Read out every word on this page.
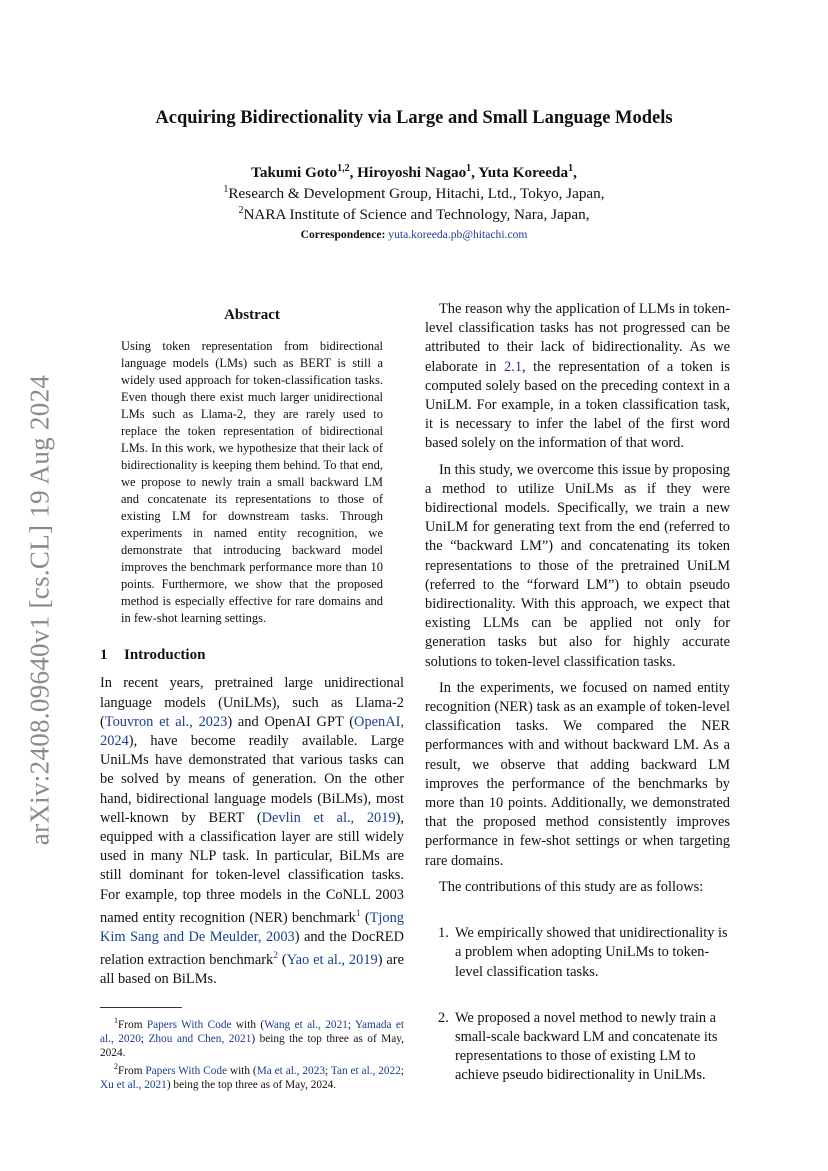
arXiv:2408.09640v1 [cs.CL] 19 Aug 2024
Acquiring Bidirectionality via Large and Small Language Models
Takumi Goto$^{1,2}$, Hiroyoshi Nagao$^1$, Yuta Koreeda$^1$,
$^1$Research & Development Group, Hitachi, Ltd., Tokyo, Japan,
$^2$NARA Institute of Science and Technology, Nara, Japan,
Correspondence: yuta.koreeda.pb@hitachi.com
Abstract

Using token representation from bidirectional language models (LMs) such as BERT is still a widely used approach for token-classification tasks. Even though there exist much larger unidirectional LMs such as Llama-2, they are rarely used to replace the token representation of bidirectional LMs. In this work, we hypothesize that their lack of bidirectionality is keeping them behind. To that end, we propose to newly train a small backward LM and concatenate its representations to those of existing LM for downstream tasks. Through experiments in named entity recognition, we demonstrate that introducing backward model improves the benchmark performance more than 10 points. Furthermore, we show that the proposed method is especially effective for rare domains and in few-shot learning settings.

1 Introduction

In recent years, pretrained large unidirectional language models (UniLMs), such as Llama-2 (Touvron et al., 2023) and OpenAI GPT (OpenAI, 2024), have become readily available. Large UniLMs have demonstrated that various tasks can be solved by means of generation. On the other hand, bidirectional language models (BiLMs), most well-known by BERT (Devlin et al., 2019), equipped with a classification layer are still widely used in many NLP task. In particular, BiLMs are still dominant for token-level classification tasks. For example, top three models in the CoNLL 2003 named entity recognition (NER) benchmark$^1$ (Tjong Kim Sang and De Meulder, 2003) and the DocRED relation extraction benchmark$^2$ (Yao et al., 2019) are all based on BiLMs.

$^1$From Papers With Code with (Wang et al., 2021; Yamada et al., 2020; Zhou and Chen, 2021) being the top three as of May, 2024.

$^2$From Papers With Code with (Ma et al., 2023; Tan et al., 2022; Xu et al., 2021) being the top three as of May, 2024.

The reason why the application of LLMs in token-level classification tasks has not progressed can be attributed to their lack of bidirectionality. As we elaborate in 2.1, the representation of a token is computed solely based on the preceding context in a UniLM. For example, in a token classification task, it is necessary to infer the label of the first word based solely on the information of that word.

In this study, we overcome this issue by proposing a method to utilize UniLMs as if they were bidirectional models. Specifically, we train a new UniLM for generating text from the end (referred to the “backward LM”) and concatenating its token representations to those of the pretrained UniLM (referred to the “forward LM”) to obtain pseudo bidirectionality. With this approach, we expect that existing LLMs can be applied not only for generation tasks but also for highly accurate solutions to token-level classification tasks.

In the experiments, we focused on named entity recognition (NER) task as an example of token-level classification tasks. We compared the NER performances with and without backward LM. As a result, we observe that adding backward LM improves the performance of the benchmarks by more than 10 points. Additionally, we demonstrated that the proposed method consistently improves performance in few-shot settings or when targeting rare domains.

The contributions of this study are as follows:

1. We empirically showed that unidirectionality is a problem when adopting UniLMs to token-level classification tasks.
2. We proposed a novel method to newly train a small-scale backward LM and concatenate its representations to those of existing LM to achieve pseudo bidirectionality in UniLMs.
